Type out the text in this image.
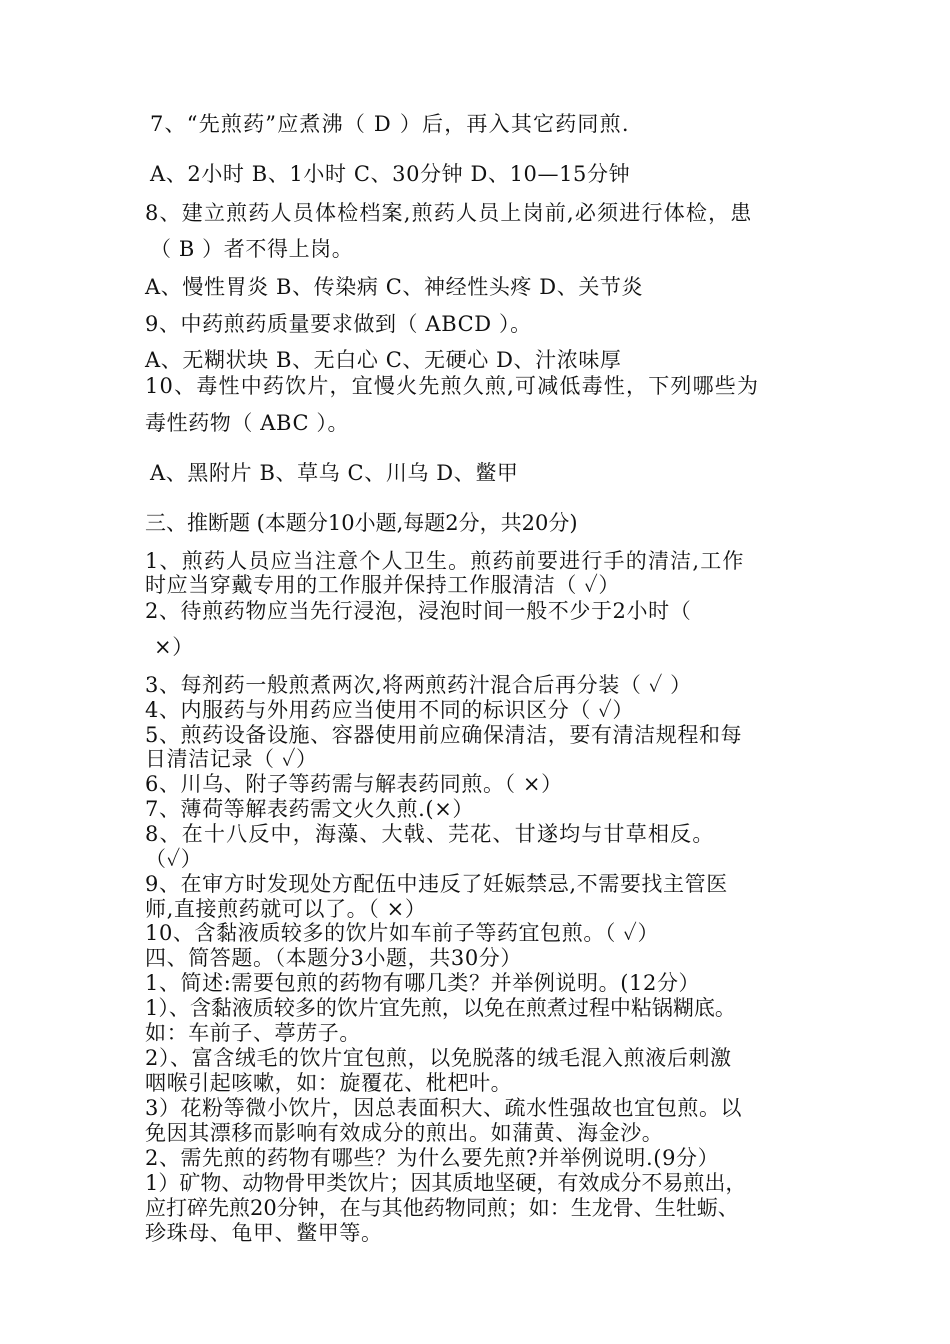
7、“先煎药”应煮沸（ D ）后，再入其它药同煎.

A、2小时 B、1小时 C、30分钟 D、10—15分钟

8、建立煎药人员体检档案,煎药人员上岗前,必须进行体检，患

（ B ）者不得上岗。

A、慢性胃炎 B、传染病 C、神经性头疼 D、关节炎

9、中药煎药质量要求做到（ ABCD ）。

A、无糊状块 B、无白心 C、无硬心 D、汁浓味厚

10、毒性中药饮片，宜慢火先煎久煎,可减低毒性，下列哪些为

毒性药物（ ABC ）。

A、黑附片 B、草乌 C、川乌 D、鳖甲

三、推断题 (本题分10小题,每题2分，共20分)

1、煎药人员应当注意个人卫生。煎药前要进行手的清洁,工作

时应当穿戴专用的工作服并保持工作服清洁（ ✓）

2、待煎药物应当先行浸泡，浸泡时间一般不少于2小时（

×）

3、每剂药一般煎煮两次,将两煎药汁混合后再分装（ ✓ ）

4、内服药与外用药应当使用不同的标识区分（ ✓）

5、煎药设备设施、容器使用前应确保清洁，要有清洁规程和每

日清洁记录（ ✓）

6、川乌、附子等药需与解表药同煎。（ ×）

7、薄荷等解表药需文火久煎.(×）

8、在十八反中，海藻、大戟、芫花、甘遂均与甘草相反。

（✓）

9、在审方时发现处方配伍中违反了妊娠禁忌,不需要找主管医

师,直接煎药就可以了。（ ×）

10、含黏液质较多的饮片如车前子等药宜包煎。（ ✓）

四、简答题。（本题分3小题，共30分）

1、简述:需要包煎的药物有哪几类？并举例说明。(12分）

1）、含黏液质较多的饮片宜先煎，以免在煎煮过程中粘锅糊底。

如：车前子、葶苈子。

2）、富含绒毛的饮片宜包煎，以免脱落的绒毛混入煎液后刺激

咽喉引起咳嗽，如：旋覆花、枇杷叶。

3）花粉等微小饮片，因总表面积大、疏水性强故也宜包煎。以

免因其漂移而影响有效成分的煎出。如蒲黄、海金沙。

2、需先煎的药物有哪些？为什么要先煎?并举例说明.(9分）

1）矿物、动物骨甲类饮片；因其质地坚硬，有效成分不易煎出，

应打碎先煎20分钟，在与其他药物同煎；如：生龙骨、生牡蛎、

珍珠母、龟甲、鳖甲等。
